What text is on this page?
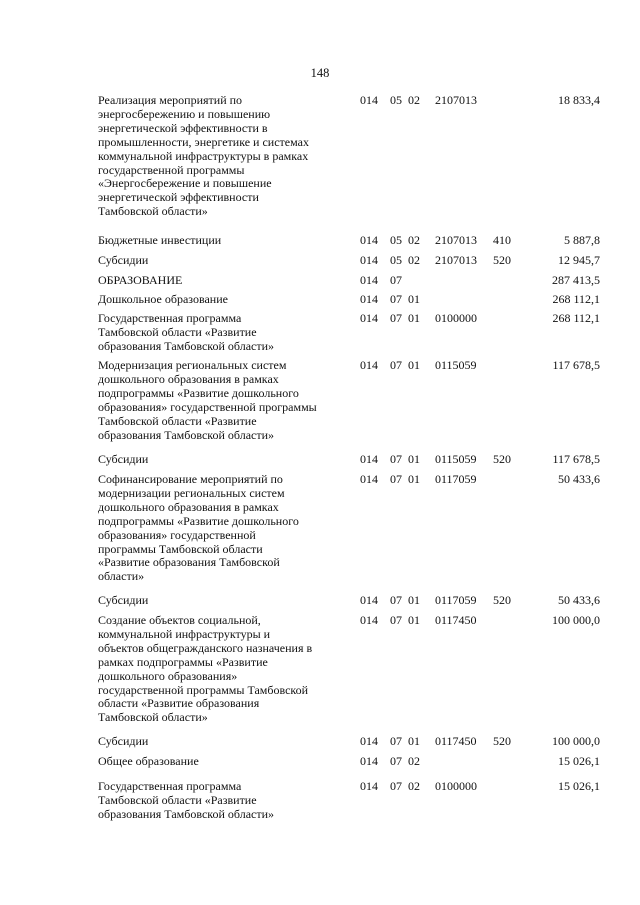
148
Реализация мероприятий по
энергосбережению и повышению
энергетической эффективности в
промышленности, энергетике и системах
коммунальной инфраструктуры в рамках
государственной программы
«Энергосбережение и повышение
энергетической эффективности
Тамбовской области»
014 05 02 2107013	18 833,4
Бюджетные инвестиции	014 05 02 2107013 410	5 887,8
Субсидии	014 05 02 2107013 520	12 945,7
ОБРАЗОВАНИЕ	014 07	287 413,5
Дошкольное образование	014 07 01	268 112,1
Государственная программа
Тамбовской области «Развитие
образования Тамбовской области»
014 07 01 0100000	268 112,1
Модернизация региональных систем
дошкольного образования в рамках
подпрограммы «Развитие дошкольного
образования» государственной программы
Тамбовской области «Развитие
образования Тамбовской области»
014 07 01 0115059	117 678,5
Субсидии	014 07 01 0115059 520	117 678,5
Софинансирование мероприятий по
модернизации региональных систем
дошкольного образования в рамках
подпрограммы «Развитие дошкольного
образования» государственной
программы Тамбовской области
«Развитие образования Тамбовской
области»
014 07 01 0117059	50 433,6
Субсидии	014 07 01 0117059 520	50 433,6
Создание объектов социальной,
коммунальной инфраструктуры и
объектов общегражданского назначения в
рамках подпрограммы «Развитие
дошкольного образования»
государственной программы Тамбовской
области «Развитие образования
Тамбовской области»
014 07 01 0117450	100 000,0
Субсидии	014 07 01 0117450 520	100 000,0
Общее образование	014 07 02	15 026,1
Государственная программа
Тамбовской области «Развитие
образования Тамбовской области»
014 07 02 0100000	15 026,1
